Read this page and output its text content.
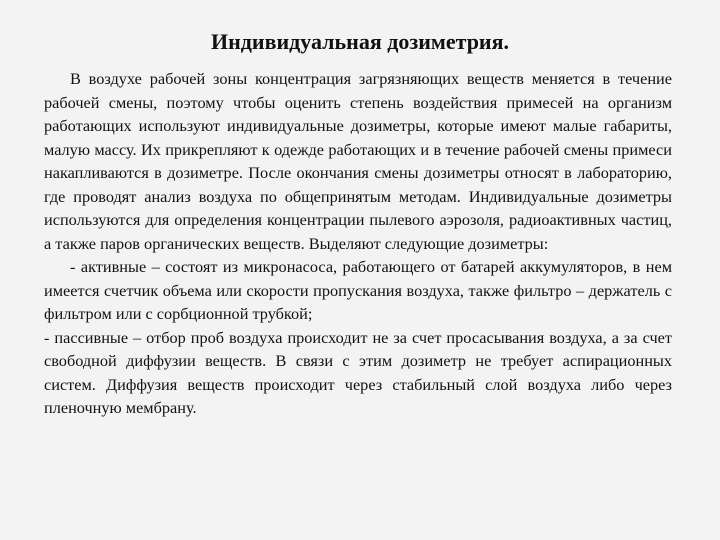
Индивидуальная дозиметрия.

В воздухе рабочей зоны концентрация загрязняющих веществ меняется в течение рабочей смены, поэтому чтобы оценить степень воздействия примесей на организм работающих используют индивидуальные дозиметры, которые имеют малые габариты, малую массу. Их прикрепляют к одежде работающих и в течение рабочей смены примеси накапливаются в дозиметре. После окончания смены дозиметры относят в лабораторию, где проводят анализ воздуха по общепринятым методам. Индивидуальные дозиметры используются для определения концентрации пылевого аэрозоля, радиоактивных частиц, а также паров органических веществ. Выделяют следующие дозиметры:

- активные – состоят из микронасоса, работающего от батарей аккумуляторов, в нем имеется счетчик объема или скорости пропускания воздуха, также фильтро – держатель с фильтром или с сорбционной трубкой;

- пассивные – отбор проб воздуха происходит не за счет просасывания воздуха, а за счет свободной диффузии веществ. В связи с этим дозиметр не требует аспирационных систем. Диффузия веществ происходит через стабильный слой воздуха либо через пленочную мембрану.
